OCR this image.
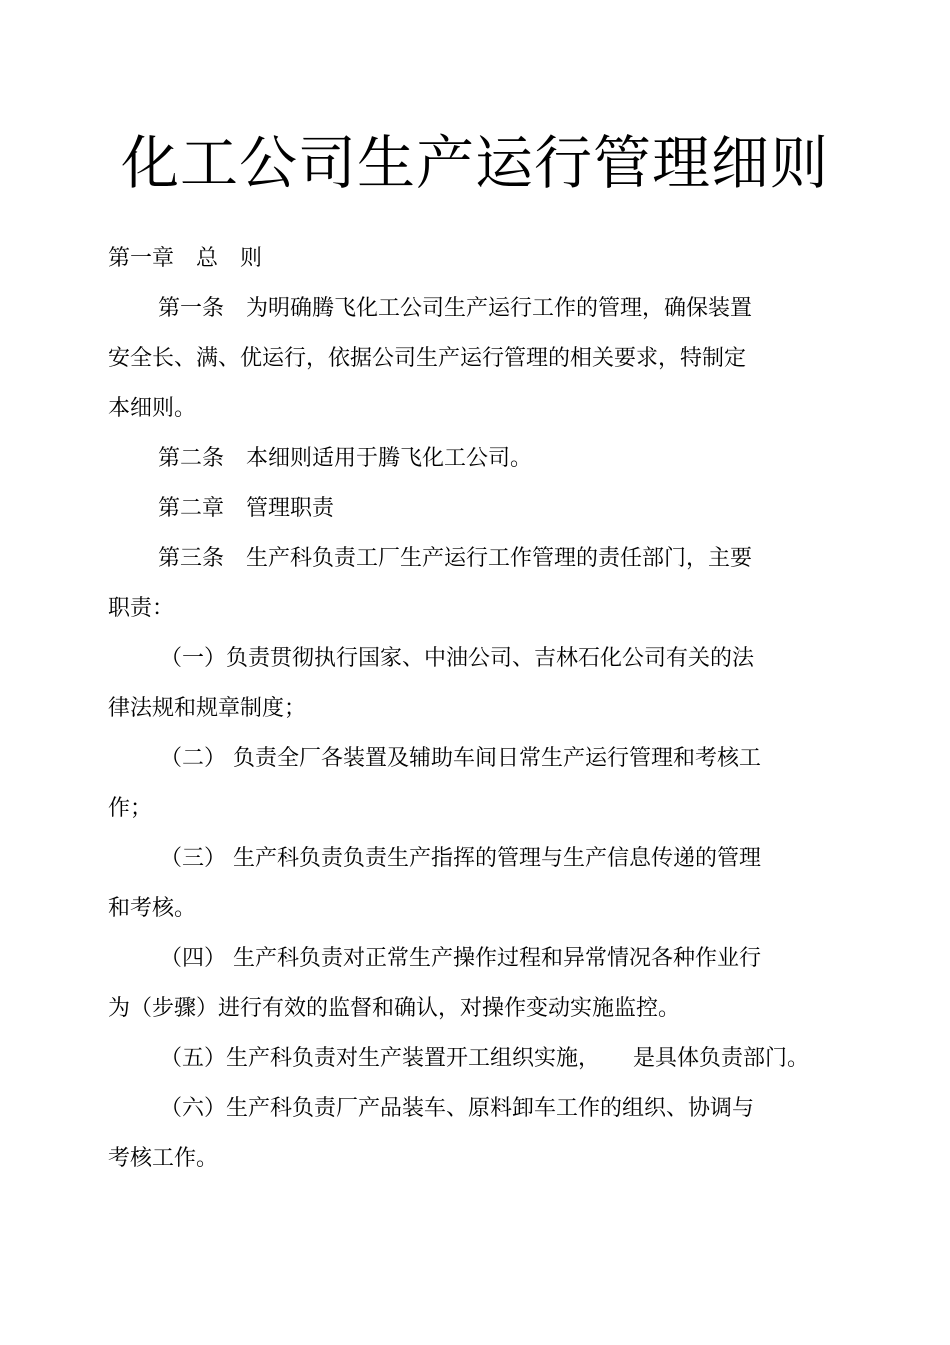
化工公司生产运行管理细则
第一章　总　则
第一条　为明确腾飞化工公司生产运行工作的管理，确保装置
安全长、满、优运行，依据公司生产运行管理的相关要求，特制定
本细则。
第二条　本细则适用于腾飞化工公司。
第二章　管理职责
第三条　生产科负责工厂生产运行工作管理的责任部门，主要
职责：
（一）负责贯彻执行国家、中油公司、吉林石化公司有关的法
律法规和规章制度；
（二） 负责全厂各装置及辅助车间日常生产运行管理和考核工
作；
（三） 生产科负责负责生产指挥的管理与生产信息传递的管理
和考核。
（四） 生产科负责对正常生产操作过程和异常情况各种作业行
为（步骤）进行有效的监督和确认，对操作变动实施监控。
（五）生产科负责对生产装置开工组织实施，　　是具体负责部门。
（六）生产科负责厂产品装车、原料卸车工作的组织、协调与
考核工作。
